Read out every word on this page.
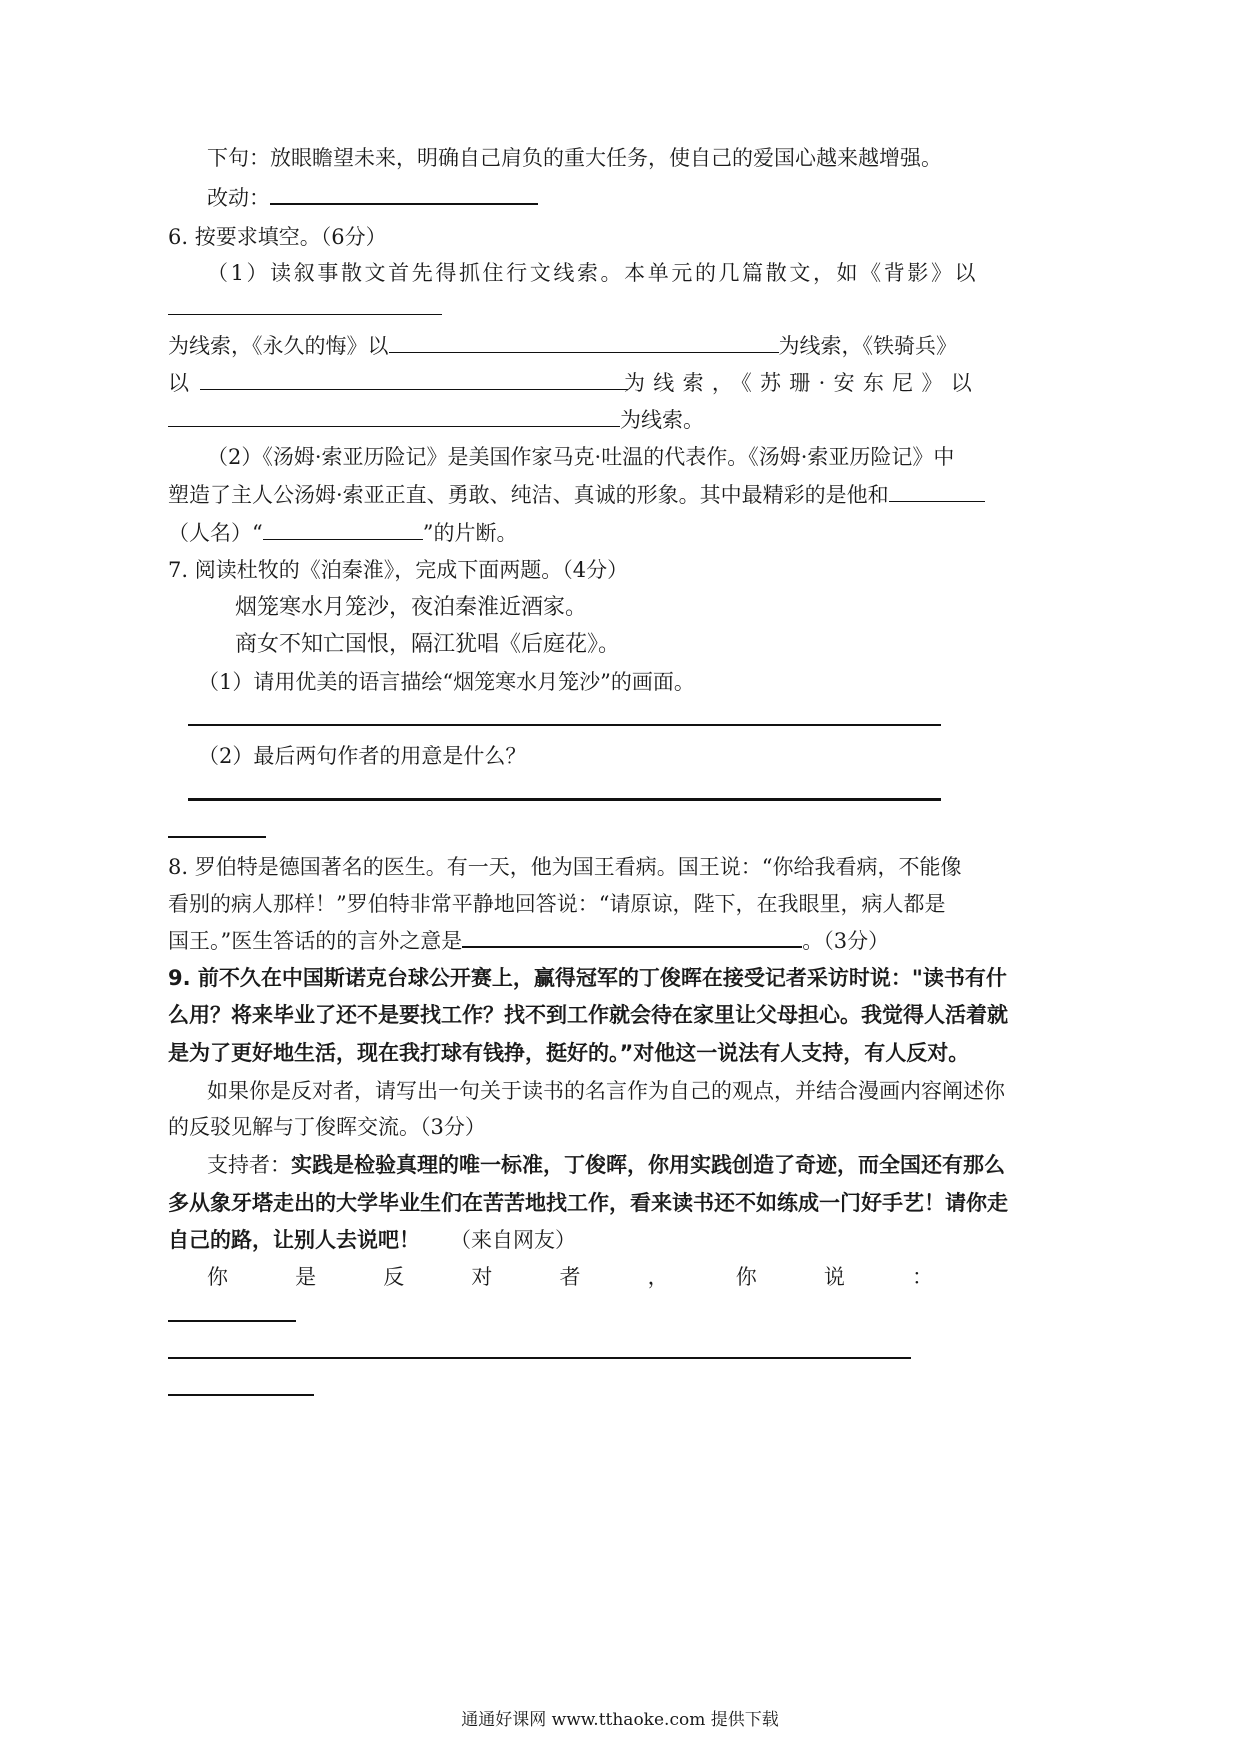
下句：放眼瞻望未来，明确自己肩负的重大任务，使自己的爱国心越来越增强。
改动：
6. 按要求填空。（6分）
（1）读叙事散文首先得抓住行文线索。本单元的几篇散文，如《背影》以
为线索，《永久的悔》以	为线索，《铁骑兵》
以	为线索，《苏珊·安东尼》以
为线索。
（2）《汤姆·索亚历险记》是美国作家马克·吐温的代表作。《汤姆·索亚历险记》中
塑造了主人公汤姆·索亚正直、勇敢、纯洁、真诚的形象。其中最精彩的是他和
（人名）“	”的片断。
7. 阅读杜牧的《泊秦淮》，完成下面两题。（4分）
烟笼寒水月笼沙，夜泊秦淮近酒家。
商女不知亡国恨，隔江犹唱《后庭花》。
（1）请用优美的语言描绘“烟笼寒水月笼沙”的画面。
（2）最后两句作者的用意是什么？
8. 罗伯特是德国著名的医生。有一天，他为国王看病。国王说：“你给我看病，不能像
看别的病人那样！”罗伯特非常平静地回答说：“请原谅，陛下，在我眼里，病人都是
国王。”医生答话的的言外之意是	。（3分）
9. 前不久在中国斯诺克台球公开赛上，赢得冠军的丁俊晖在接受记者采访时说："读书有什
么用？将来毕业了还不是要找工作？找不到工作就会待在家里让父母担心。我觉得人活着就
是为了更好地生活，现在我打球有钱挣，挺好的。”对他这一说法有人支持，有人反对。
如果你是反对者，请写出一句关于读书的名言作为自己的观点，并结合漫画内容阐述你
的反驳见解与丁俊晖交流。（3分）
支持者：实践是检验真理的唯一标准，丁俊晖，你用实践创造了奇迹，而全国还有那么
多从象牙塔走出的大学毕业生们在苦苦地找工作，看来读书还不如练成一门好手艺！请你走
自己的路，让别人去说吧！ （来自网友）
你	是	反	对	者	，	你	说	：
通通好课网 www.tthaoke.com 提供下载
